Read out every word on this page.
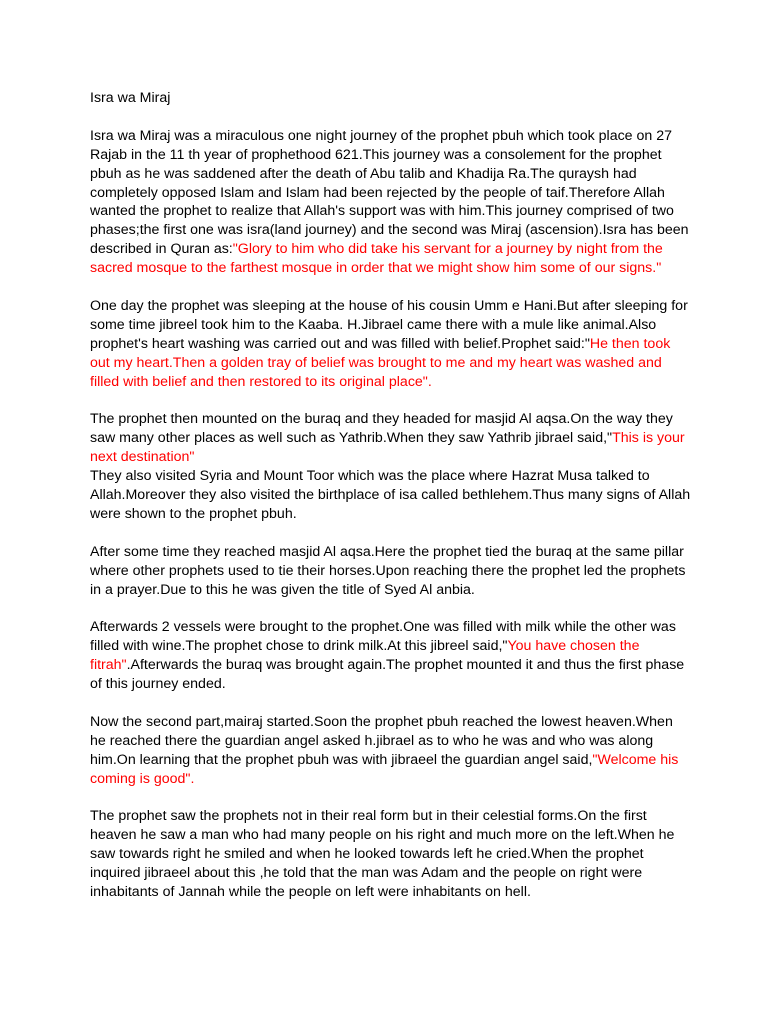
Isra wa Miraj

Isra wa Miraj was a miraculous one night journey of the prophet pbuh which took place on 27 Rajab in the 11 th year of prophethood 621.This journey was a consolement for the prophet pbuh as he was saddened after the death of Abu talib and Khadija Ra.The quraysh had completely opposed Islam and Islam had been rejected by the people of taif.Therefore Allah wanted the prophet to realize that Allah's support was with him.This journey comprised of two phases;the first one was isra(land journey) and the second was Miraj (ascension).Isra has been described in Quran as:"Glory to him who did take his servant for a journey by night from the sacred mosque to the farthest mosque in order that we might show him some of our signs."

One day the prophet was sleeping at the house of his cousin Umm e Hani.But after sleeping for some time jibreel took him to the Kaaba. H.Jibrael came there with a mule like animal.Also prophet's heart washing was carried out and was filled with belief.Prophet said:"He then took out my heart.Then a golden tray of belief was brought to me and my heart was washed and filled with belief and then restored to its original place".

The prophet then mounted on the buraq and they headed for masjid Al aqsa.On the way they saw many other places as well such as Yathrib.When they saw Yathrib jibrael said,"This is your next destination"

They also visited Syria and Mount Toor which was the place where Hazrat Musa talked to Allah.Moreover they also visited the birthplace of isa called bethlehem.Thus many signs of Allah were shown to the prophet pbuh.

After some time they reached masjid Al aqsa.Here the prophet tied the buraq at the same pillar where other prophets used to tie their horses.Upon reaching there the prophet led the prophets in a prayer.Due to this he was given the title of Syed Al anbia.

Afterwards 2 vessels were brought to the prophet.One was filled with milk while the other was filled with wine.The prophet chose to drink milk.At this jibreel said,"You have chosen the fitrah".Afterwards the buraq was brought again.The prophet mounted it and thus the first phase of this journey ended.

Now the second part,mairaj started.Soon the prophet pbuh reached the lowest heaven.When he reached there the guardian angel asked h.jibrael as to who he was and who was along him.On learning that the prophet pbuh was with jibraeel the guardian angel said,"Welcome his coming is good".

The prophet saw the prophets not in their real form but in their celestial forms.On the first heaven he saw a man who had many people on his right and much more on the left.When he saw towards right he smiled and when he looked towards left he cried.When the prophet inquired jibraeel about this ,he told that the man was Adam and the people on right were inhabitants of Jannah while the people on left were inhabitants on hell.
